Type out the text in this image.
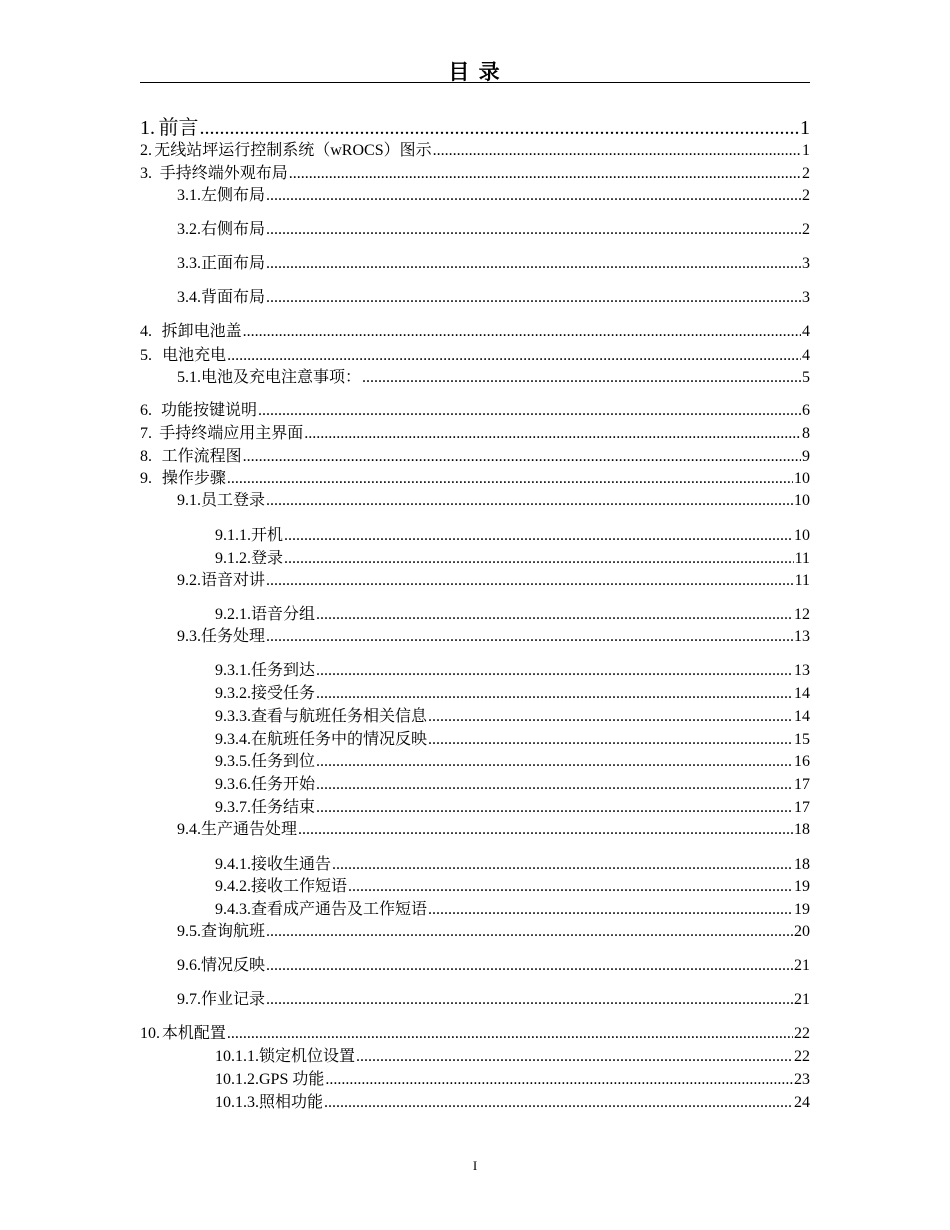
目 录
1. 前言 .....	1
2. 无线站坪运行控制系统（wROCS）图示 .....	1
3. 手持终端外观布局 .....	2
3.1. 左侧布局 .....	2
3.2. 右侧布局 .....	2
3.3. 正面布局 .....	3
3.4. 背面布局 .....	3
4. 拆卸电池盖 .....	4
5. 电池充电 .....	4
5.1. 电池及充电注意事项： .....	5
6. 功能按键说明 .....	6
7. 手持终端应用主界面 .....	8
8. 工作流程图 .....	9
9. 操作步骤 .....	10
9.1. 员工登录 .....	10
9.1.1. 开机 .....	10
9.1.2. 登录 .....	11
9.2. 语音对讲 .....	11
9.2.1. 语音分组 .....	12
9.3. 任务处理 .....	13
9.3.1. 任务到达 .....	13
9.3.2. 接受任务 .....	14
9.3.3. 查看与航班任务相关信息 .....	14
9.3.4. 在航班任务中的情况反映 .....	15
9.3.5. 任务到位 .....	16
9.3.6. 任务开始 .....	17
9.3.7. 任务结束 .....	17
9.4. 生产通告处理 .....	18
9.4.1. 接收生通告 .....	18
9.4.2. 接收工作短语 .....	19
9.4.3. 查看成产通告及工作短语 .....	19
9.5. 查询航班 .....	20
9.6. 情况反映 .....	21
9.7. 作业记录 .....	21
10. 本机配置 .....	22
10.1.1. 锁定机位设置 .....	22
10.1.2. GPS 功能 .....	23
10.1.3. 照相功能 .....	24
I
